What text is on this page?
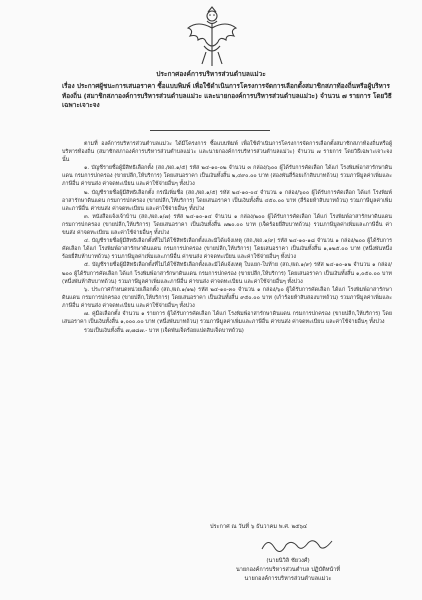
ประกาศองค์การบริหารส่วนตำบลแม่วะ
เรื่อง ประกาศผู้ชนะการเสนอราคา ซื้อแบบพิมพ์ เพื่อใช้ดำเนินการโครงการจัดการเลือกตั้งสมาชิกสภาท้องถิ่นหรือผู้บริหารท้องถิ่น (สมาชิกสภาองค์การบริหารส่วนตำบลแม่วะ และนายกองค์การบริหารส่วนตำบลแม่วะ) จำนวน ๗ รายการ โดยวิธีเฉพาะเจาะจง

ตามที่ องค์การบริหารส่วนตำบลแม่วะ ได้มีโครงการ ซื้อแบบพิมพ์ เพื่อใช้ดำเนินการโครงการจัดการเลือกตั้งสมาชิกสภาท้องถิ่นหรือผู้บริหารท้องถิ่น (สมาชิกสภาองค์การบริหารส่วนตำบลแม่วะ และนายกองค์การบริหารส่วนตำบลแม่วะ) จำนวน ๗ รายการ โดยวิธีเฉพาะเจาะจง นั้น

๑. บัญชีรายชื่อผู้มีสิทธิเลือกตั้ง (สถ./ผถ.๑/๕) รหัส ๒๔-๑๐-๐๒ จำนวน ๓ กล่อง/๖๐๐ ผู้ได้รับการคัดเลือก ได้แก่ โรงพิมพ์อาสารักษาดินแดน กรมการปกครอง (ขายปลีก,ให้บริการ) โดยเสนอราคา เป็นเงินทั้งสิ้น ๒,๔๙๐.๐๐ บาท (สองพันสี่ร้อยเก้าสิบบาทถ้วน) รวมภาษีมูลค่าเพิ่มและภาษีอื่น ค่าขนส่ง ค่าจดทะเบียน และค่าใช้จ่ายอื่นๆ ทั้งปวง

๒. บัญชีรายชื่อผู้มีสิทธิเลือกตั้ง กรณีเพิ่มชื่อ (สถ./ผถ.๑/๕) รหัส ๒๔-๑๐-๐๔ จำนวน ๑ กล่อง/๖๐๐ ผู้ได้รับการคัดเลือก ได้แก่ โรงพิมพ์อาสารักษาดินแดน กรมการปกครอง (ขายปลีก,ให้บริการ) โดยเสนอราคา เป็นเงินทั้งสิ้น ๔๕๐.๐๐ บาท (สี่ร้อยห้าสิบบาทถ้วน) รวมภาษีมูลค่าเพิ่มและภาษีอื่น ค่าขนส่ง ค่าจดทะเบียน และค่าใช้จ่ายอื่นๆ ทั้งปวง

๓. หนังสือแจ้งเจ้าบ้าน (สถ./ผถ.๑/๗) รหัส ๒๔-๑๐-๑๔ จำนวน ๑ กล่อง/๒๐๐ ผู้ได้รับการคัดเลือก ได้แก่ โรงพิมพ์อาสารักษาดินแดน กรมการปกครอง (ขายปลีก,ให้บริการ) โดยเสนอราคา เป็นเงินทั้งสิ้น ๗๒๐.๐๐ บาท (เจ็ดร้อยยี่สิบบาทถ้วน) รวมภาษีมูลค่าเพิ่มและภาษีอื่น ค่าขนส่ง ค่าจดทะเบียน และค่าใช้จ่ายอื่นๆ ทั้งปวง

๔. บัญชีรายชื่อผู้มีสิทธิเลือกตั้งที่ไม่ได้ใช้สิทธิเลือกตั้งและมิได้แจ้งเหตุ (สถ./ผถ.๑/๙) รหัส ๒๔-๑๐-๑๘ จำนวน ๑ กล่อง/๒๐๐ ผู้ได้รับการคัดเลือก ได้แก่ โรงพิมพ์อาสารักษาดินแดน กรมการปกครอง (ขายปลีก,ให้บริการ) โดยเสนอราคา เป็นเงินทั้งสิ้น ๑,๑๒๕.๐๐ บาท (หนึ่งพันหนึ่งร้อยยี่สิบห้าบาทถ้วน) รวมภาษีมูลค่าเพิ่มและภาษีอื่น ค่าขนส่ง ค่าจดทะเบียน และค่าใช้จ่ายอื่นๆ ทั้งปวง

๕. บัญชีรายชื่อผู้มีสิทธิเลือกตั้งที่ไม่ได้ใช้สิทธิเลือกตั้งและมิได้แจ้งเหตุ ใบแยก-ใบท้าย (สถ./ผถ.๑/๙) รหัส ๒๔-๑๐-๑๒ จำนวน ๑ กล่อง/๒๐๐ ผู้ได้รับการคัดเลือก ได้แก่ โรงพิมพ์อาสารักษาดินแดน กรมการปกครอง (ขายปลีก,ให้บริการ) โดยเสนอราคา เป็นเงินทั้งสิ้น ๑,๐๕๐.๐๐ บาท (หนึ่งพันห้าสิบบาทถ้วน) รวมภาษีมูลค่าเพิ่มและภาษีอื่น ค่าขนส่ง ค่าจดทะเบียน และค่าใช้จ่ายอื่นๆ ทั้งปวง

๖. ประกาศกำหนดหน่วยเลือกตั้ง (สถ./ผถ.๑/๑๒) รหัส ๒๔-๑๐-๓๐ จำนวน ๑ กล่อง/๖๐ ผู้ได้รับการคัดเลือก ได้แก่ โรงพิมพ์อาสารักษาดินแดน กรมการปกครอง (ขายปลีก,ให้บริการ) โดยเสนอราคา เป็นเงินทั้งสิ้น ๙๕๐.๐๐ บาท (เก้าร้อยห้าสิบสองบาทถ้วน) รวมภาษีมูลค่าเพิ่มและภาษีอื่น ค่าขนส่ง ค่าจดทะเบียน และค่าใช้จ่ายอื่นๆ ทั้งปวง

๗. คู่มือเลือกตั้ง จำนวน ๑ รายการ ผู้ได้รับการคัดเลือก ได้แก่ โรงพิมพ์อาสารักษาดินแดน กรมการปกครอง (ขายปลีก,ให้บริการ) โดยเสนอราคา เป็นเงินทั้งสิ้น ๑,๐๐๐.๐๐ บาท (หนึ่งพันบาทถ้วน) รวมภาษีมูลค่าเพิ่มและภาษีอื่น ค่าขนส่ง ค่าจดทะเบียน และค่าใช้จ่ายอื่นๆ ทั้งปวง

รวมเป็นเงินทั้งสิ้น ๗,๗๘๗.- บาท (เจ็ดพันเจ็ดร้อยแปดสิบเจ็ดบาทถ้วน)

ประกาศ ณ วันที่ ๖ ธันวาคม พ.ศ. ๒๕๖๔
(นายนิวิลิ ชัยวงศ์)
นายกองค์การบริหารส่วนตำบล ปฏิบัติหน้าที่
นายกองค์การบริหารส่วนตำบลแม่วะ
